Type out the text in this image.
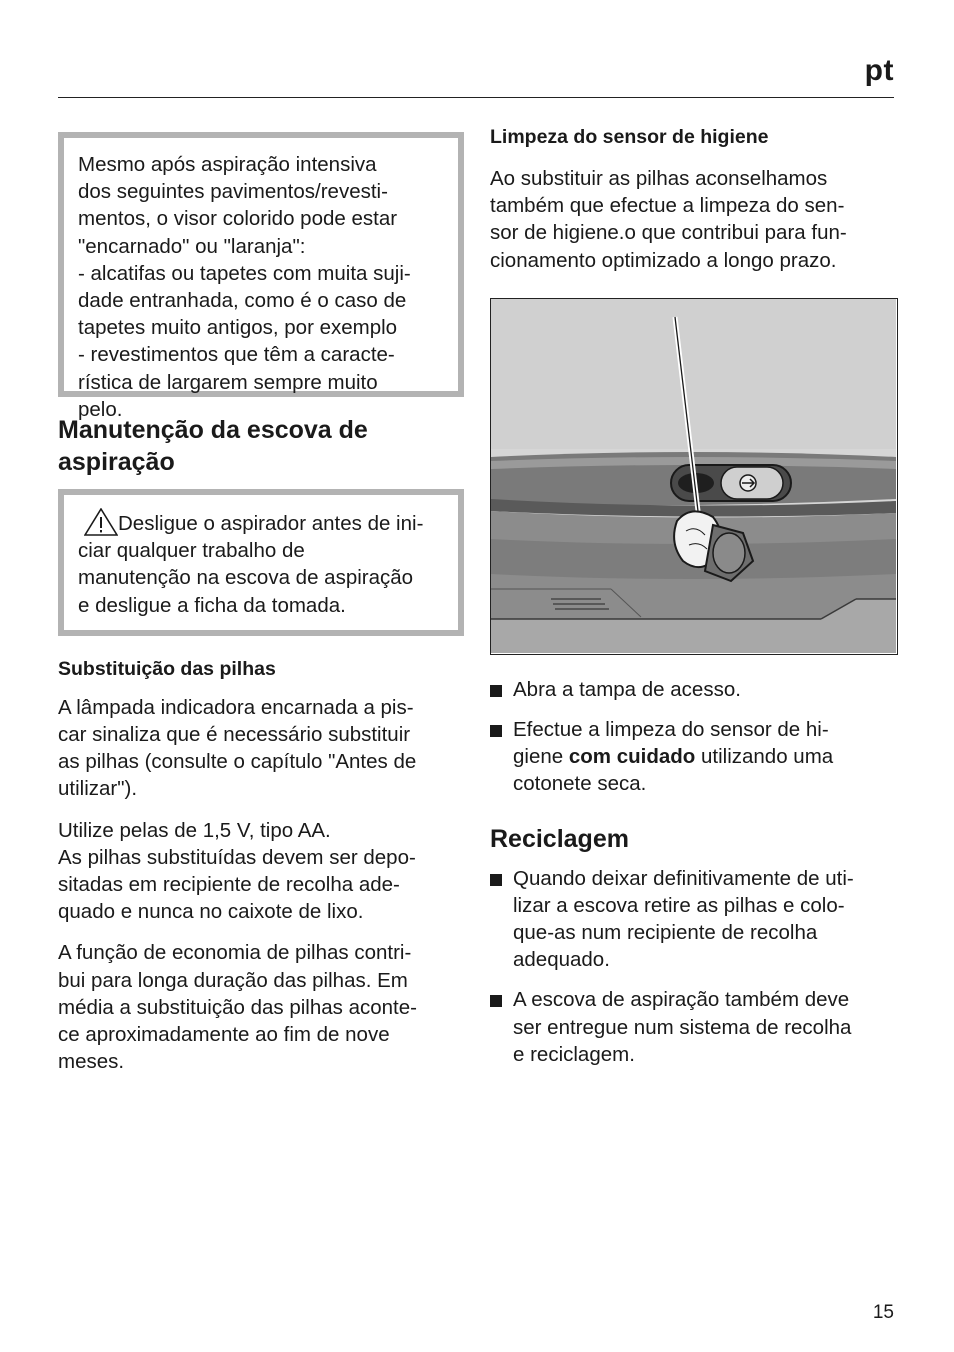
pt

Mesmo após aspiração intensiva

dos seguintes pavimentos/revesti-

mentos, o visor colorido pode estar

"encarnado" ou "laranja":

- alcatifas ou tapetes com muita suji-

dade entranhada, como é o caso de

tapetes muito antigos, por exemplo

- revestimentos que têm a caracte-

rística de largarem sempre muito

pelo.

Manutenção da escova de
aspiração

Desligue o aspirador antes de ini-

ciar qualquer trabalho de

manutenção na escova de aspiração

e desligue a ficha da tomada.

Substituição das pilhas

A lâmpada indicadora encarnada a pis-

car sinaliza que é necessário substituir

as pilhas (consulte o capítulo "Antes de

utilizar").

Utilize pelas de 1,5 V, tipo AA.

As pilhas substituídas devem ser depo-

sitadas em recipiente de recolha ade-

quado e nunca no caixote de lixo.

A função de economia de pilhas contri-

bui para longa duração das pilhas. Em

média a substituição das pilhas aconte-

ce aproximadamente ao fim de nove

meses.

Limpeza do sensor de higiene

Ao substituir as pilhas aconselhamos

também que efectue a limpeza do sen-

sor de higiene.o que contribui para fun-

cionamento optimizado a longo prazo.

Abra a tampa de acesso.
Efectue a limpeza do sensor de hi-
giene com cuidado utilizando uma
cotonete seca.
Reciclagem
Quando deixar definitivamente de uti-
lizar a escova retire as pilhas e colo-
que-as num recipiente de recolha
adequado.
A escova de aspiração também deve
ser entregue num sistema de recolha
e reciclagem.
15
